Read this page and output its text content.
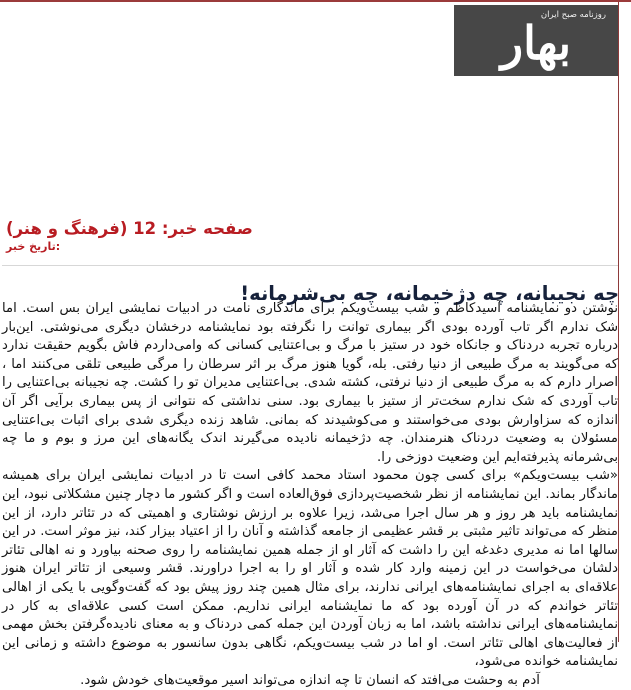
روزنامه صبح ایران
بهار
صفحه خبر: 12 (فرهنگ و هنر)
:تاریخ خبر
چه نجیبانه، چه دژخیمانه، چه بی‌شرمانه!

نوشتن دو نمایشنامه آسیدکاظم و شب بیست‌ویکم برای ماندگاری نامت در ادبیات نمایشی ایران بس است. اما شک ندارم اگر تاب آورده بودی اگر بیماری توانت را نگرفته بود نمایشنامه درخشان دیگری می‌نوشتی. این‌بار درباره تجربه دردناک و جانکاه خود در ستیز با مرگ و بی‌اعتنایی کسانی که وامی‌داردم فاش بگویم حقیقت ندارد که می‌گویند به مرگ طبیعی از دنیا رفتی. بله، گویا هنوز مرگ بر اثر سرطان را مرگی طبیعی تلقی می‌کنند اما ، اصرار دارم که به مرگ طبیعی از دنیا نرفتی، کشته شدی. بی‌اعتنایی مدیران تو را کشت. چه نجیبانه بی‌اعتنایی را تاب آوردی که شک ندارم سخت‌تر از ستیز با بیماری بود. سنی نداشتی که نتوانی از پس بیماری برآیی اگر آن اندازه که سزاوارش بودی می‌خواستند و می‌کوشیدند که بمانی. شاهد زنده دیگری شدی برای اثبات بی‌اعتنایی مسئولان به وضعیت دردناک هنرمندان. چه دژخیمانه نادیده می‌گیرند اندک یگانه‌های این مرز و بوم و ما چه بی‌شرمانه پذیرفته‌ایم این وضعیت دوزخی را.

«شب بیست‌ویکم» برای کسی چون محمود استاد محمد کافی است تا در ادبیات نمایشی ایران برای همیشه ماندگار بماند. این نمایشنامه از نظر شخصیت‌پردازی فوق‌العاده است و اگر کشور ما دچار چنین مشکلاتی نبود، این نمایشنامه باید هر روز و هر سال اجرا می‌شد، زیرا علاوه بر ارزش نوشتاری و اهمیتی که در تئاتر دارد، از این منظر که می‌تواند تاثیر مثبتی بر قشر عظیمی از جامعه گذاشته و آنان را از اعتیاد بیزار کند، نیز موثر است. در این سالها اما نه مدیری دغدغه این را داشت که آثار او از جمله همین نمایشنامه را روی صحنه بیاورد و نه اهالی تئاتر دلشان می‌خواست در این زمینه وارد کار شده و آثار او را به اجرا دراورند. قشر وسیعی از تئاتر ایران هنوز علاقه‌ای به اجرای نمایشنامه‌های ایرانی ندارند، برای مثال همین چند روز پیش بود که گفت‌وگویی با یکی از اهالی تئاتر خواندم که در آن آورده بود که ما نمایشنامه ایرانی نداریم. ممکن است کسی علاقه‌ای به کار در نمایشنامه‌های ایرانی نداشته باشد، اما به زبان آوردن این جمله کمی دردناک و به معنای نادیده‌گرفتن بخش مهمی از فعالیت‌های اهالی تئاتر است. او اما در شب بیست‌ویکم، نگاهی بدون سانسور به موضوع داشته و زمانی این نمایشنامه خوانده می‌شود،

آدم به وحشت می‌افتد که انسان تا چه اندازه می‌تواند اسیر موقعیت‌های خودش شود.
